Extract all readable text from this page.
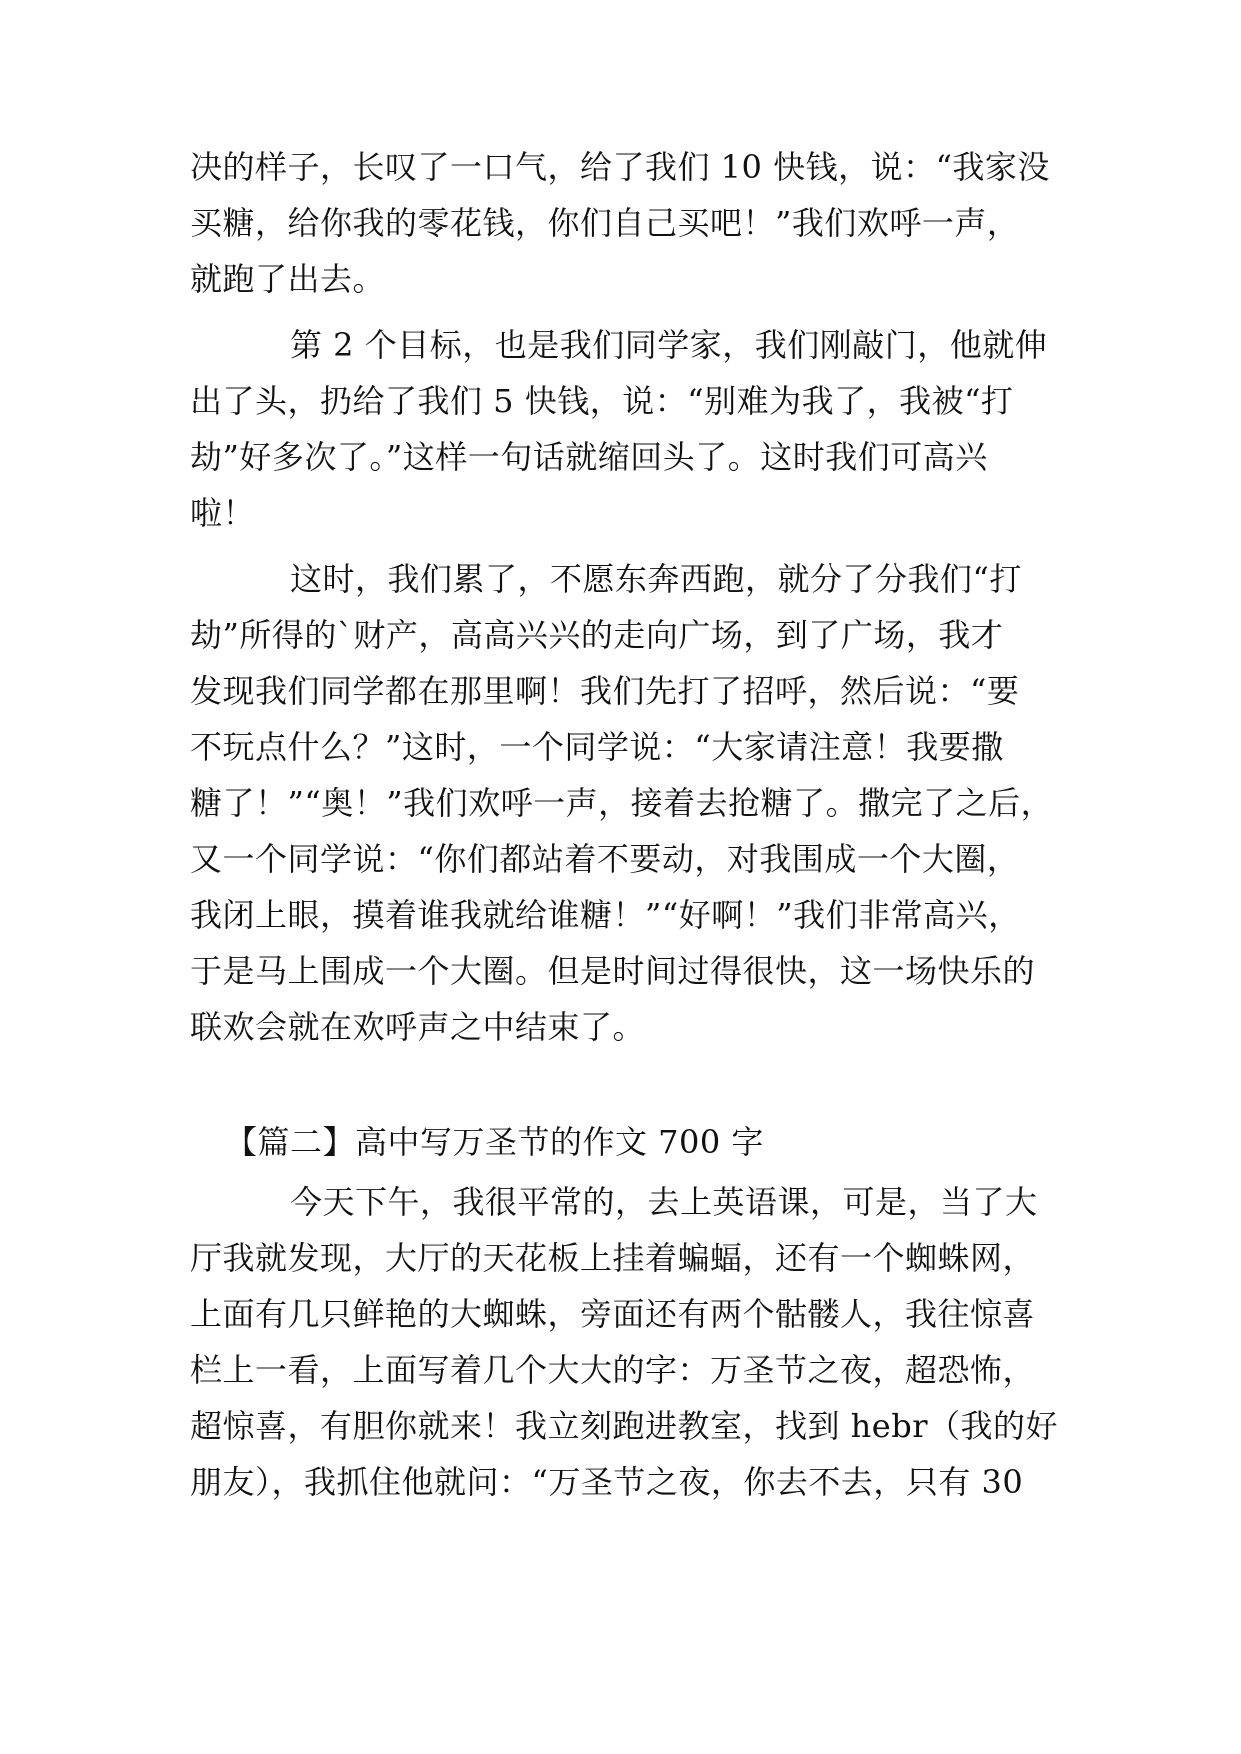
决的样子，长叹了一口气，给了我们 10 快钱，说：“我家没
买糖，给你我的零花钱，你们自己买吧！”我们欢呼一声，
就跑了出去。
第 2 个目标，也是我们同学家，我们刚敲门，他就伸
出了头，扔给了我们 5 快钱，说：“别难为我了，我被“打
劫”好多次了。”这样一句话就缩回头了。这时我们可高兴
啦！
这时，我们累了，不愿东奔西跑，就分了分我们“打
劫”所得的`财产，高高兴兴的走向广场，到了广场，我才
发现我们同学都在那里啊！我们先打了招呼，然后说：“要
不玩点什么？”这时，一个同学说：“大家请注意！我要撒
糖了！”“奥！”我们欢呼一声，接着去抢糖了。撒完了之后，
又一个同学说：“你们都站着不要动，对我围成一个大圈，
我闭上眼，摸着谁我就给谁糖！”“好啊！”我们非常高兴，
于是马上围成一个大圈。但是时间过得很快，这一场快乐的
联欢会就在欢呼声之中结束了。
【篇二】高中写万圣节的作文 700 字
今天下午，我很平常的，去上英语课，可是，当了大
厅我就发现，大厅的天花板上挂着蝙蝠，还有一个蜘蛛网，
上面有几只鲜艳的大蜘蛛，旁面还有两个骷髅人，我往惊喜
栏上一看，上面写着几个大大的字：万圣节之夜，超恐怖，
超惊喜，有胆你就来！我立刻跑进教室，找到 hebr（我的好
朋友），我抓住他就问：“万圣节之夜，你去不去，只有 30
